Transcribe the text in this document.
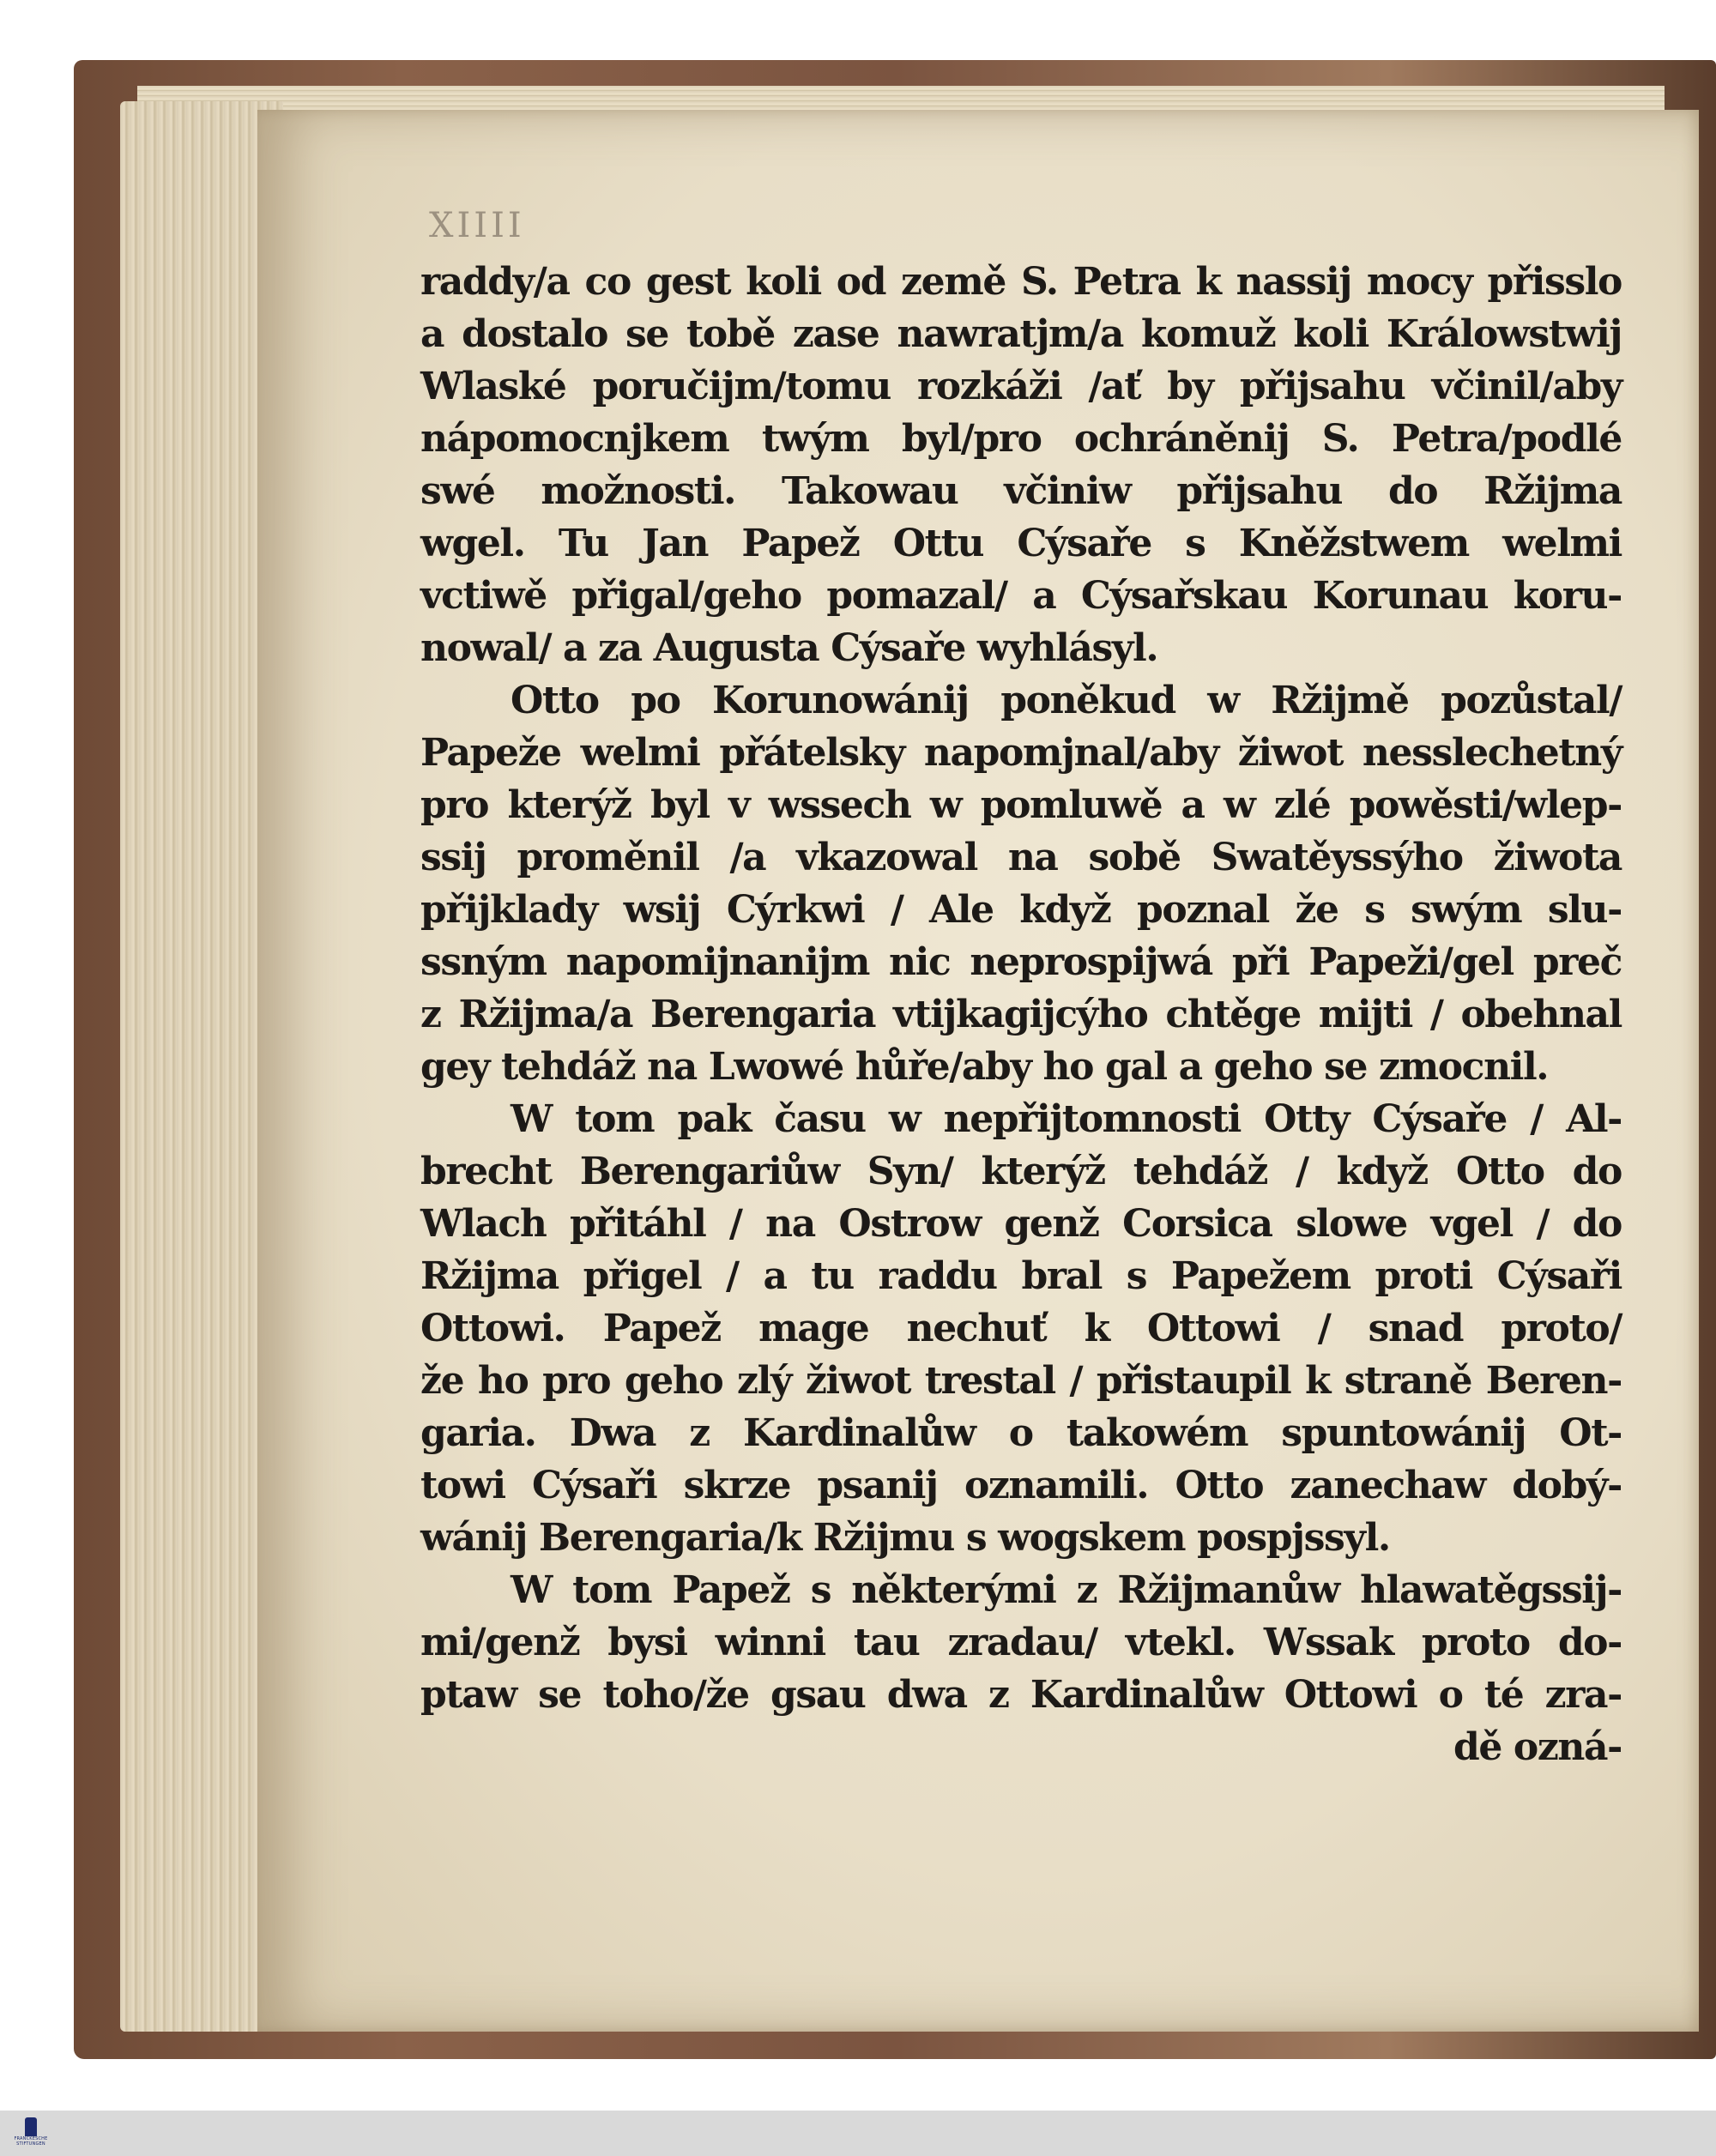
XIIII
raddy/a co gest koli od země S. Petra k nassij mocy přisslo
a dostalo se tobě zase nawratjm/a komuž koli Králowstwij
Wlaské poručijm/tomu rozkáži /ať by přijsahu včinil/aby
nápomocnjkem twým byl/pro ochráněnij S. Petra/podlé
swé možnosti. Takowau včiniw přijsahu do Ržijma
wgel. Tu Jan Papež Ottu Cýsaře s Kněžstwem welmi
vctiwě přigal/geho pomazal/ a Cýsařskau Korunau koru-
nowal/ a za Augusta Cýsaře wyhlásyl.
Otto po Korunowánij poněkud w Ržijmě pozůstal/
Papeže welmi přátelsky napomjnal/aby žiwot nesslechetný
pro kterýž byl v wssech w pomluwě a w zlé powěsti/wlep-
ssij proměnil /a vkazowal na sobě Swatěyssýho žiwota
přijklady wsij Cýrkwi / Ale když poznal že s swým slu-
ssným napomijnanijm nic neprospijwá při Papeži/gel preč
z Ržijma/a Berengaria vtijkagijcýho chtěge mijti / obehnal
gey tehdáž na Lwowé hůře/aby ho gal a geho se zmocnil.
W tom pak času w nepřijtomnosti Otty Cýsaře / Al-
brecht Berengariůw Syn/ kterýž tehdáž / když Otto do
Wlach přitáhl / na Ostrow genž Corsica slowe vgel / do
Ržijma přigel / a tu raddu bral s Papežem proti Cýsaři
Ottowi. Papež mage nechuť k Ottowi / snad proto/
že ho pro geho zlý žiwot trestal / přistaupil k straně Beren-
garia. Dwa z Kardinalůw o takowém spuntowánij Ot-
towi Cýsaři skrze psanij oznamili. Otto zanechaw dobý-
wánij Berengaria/k Ržijmu s wogskem pospjssyl.
W tom Papež s některými z Ržijmanůw hlawatěgssij-
mi/genž bysi winni tau zradau/ vtekl. Wssak proto do-
ptaw se toho/že gsau dwa z Kardinalůw Ottowi o té zra-
dě ozná-
FRANCKESCHE
STIFTUNGEN
